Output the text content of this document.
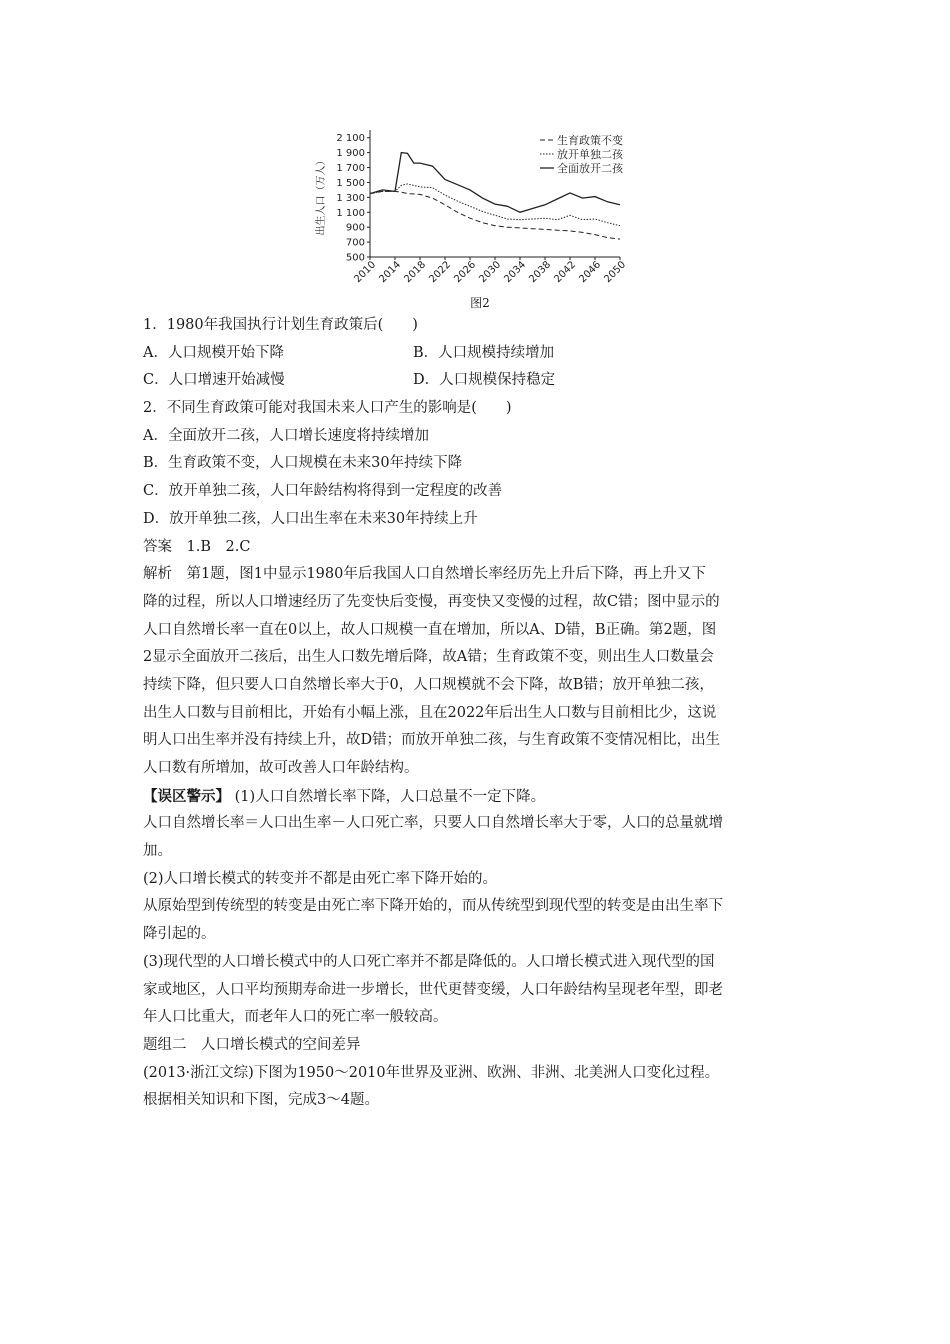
2 100
1 900
1 700
1 500
1 300
1 100
900
700
500
2010 2014 2018 2022 2026 2030 2034 2038 2042 2046 2050
出生人口（万人）
生育政策不变
放开单独二孩
全面放开二孩
图2
1．1980年我国执行计划生育政策后(　　)
A．人口规模开始下降	B．人口规模持续增加
C．人口增速开始减慢	D．人口规模保持稳定
2．不同生育政策可能对我国未来人口产生的影响是(　　)
A．全面放开二孩，人口增长速度将持续增加
B．生育政策不变，人口规模在未来30年持续下降
C．放开单独二孩，人口年龄结构将得到一定程度的改善
D．放开单独二孩，人口出生率在未来30年持续上升
答案　1.B　2.C
解析　第1题，图1中显示1980年后我国人口自然增长率经历先上升后下降，再上升又下
降的过程，所以人口增速经历了先变快后变慢，再变快又变慢的过程，故C错；图中显示的
人口自然增长率一直在0以上，故人口规模一直在增加，所以A、D错，B正确。第2题，图
2显示全面放开二孩后，出生人口数先增后降，故A错；生育政策不变，则出生人口数量会
持续下降，但只要人口自然增长率大于0，人口规模就不会下降，故B错；放开单独二孩，
出生人口数与目前相比，开始有小幅上涨，且在2022年后出生人口数与目前相比少，这说
明人口出生率并没有持续上升，故D错；而放开单独二孩，与生育政策不变情况相比，出生
人口数有所增加，故可改善人口年龄结构。
【误区警示】 (1)人口自然增长率下降，人口总量不一定下降。
人口自然增长率＝人口出生率－人口死亡率，只要人口自然增长率大于零，人口的总量就增
加。
(2)人口增长模式的转变并不都是由死亡率下降开始的。
从原始型到传统型的转变是由死亡率下降开始的，而从传统型到现代型的转变是由出生率下
降引起的。
(3)现代型的人口增长模式中的人口死亡率并不都是降低的。人口增长模式进入现代型的国
家或地区，人口平均预期寿命进一步增长，世代更替变缓，人口年龄结构呈现老年型，即老
年人口比重大，而老年人口的死亡率一般较高。
题组二　人口增长模式的空间差异
(2013·浙江文综)下图为1950～2010年世界及亚洲、欧洲、非洲、北美洲人口变化过程。
根据相关知识和下图，完成3～4题。
